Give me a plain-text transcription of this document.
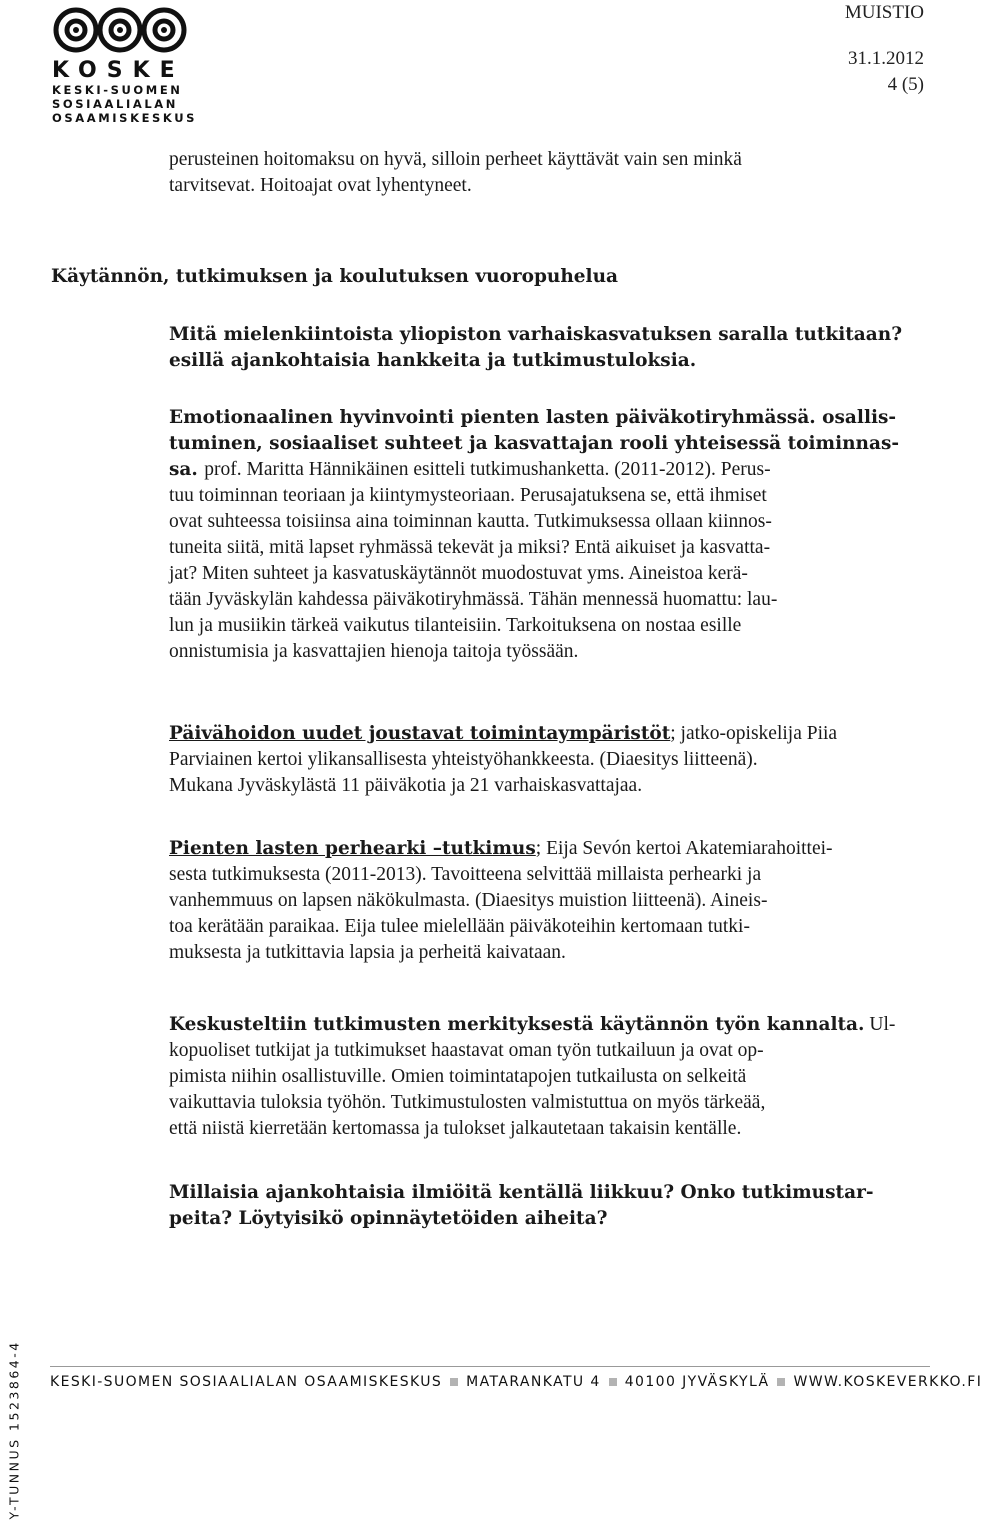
KOSKE
KESKI-SUOMEN
SOSIAALIALAN
OSAAMISKESKUS
MUISTIO
31.1.2012
4 (5)

perusteinen hoitomaksu on hyvä, silloin perheet käyttävät vain sen minkä

tarvitsevat. Hoitoajat ovat lyhentyneet.

Käytännön, tutkimuksen ja koulutuksen vuoropuhelua

Mitä mielenkiintoista yliopiston varhaiskasvatuksen saralla tutkitaan?

esillä ajankohtaisia hankkeita ja tutkimustuloksia.

Emotionaalinen hyvinvointi pienten lasten päiväkotiryhmässä. osallis-

tuminen, sosiaaliset suhteet ja kasvattajan rooli yhteisessä toiminnas-

sa. prof. Maritta Hännikäinen esitteli tutkimushanketta. (2011-2012). Perus-

tuu toiminnan teoriaan ja kiintymysteoriaan. Perusajatuksena se, että ihmiset

ovat suhteessa toisiinsa aina toiminnan kautta. Tutkimuksessa ollaan kiinnos-

tuneita siitä, mitä lapset ryhmässä tekevät ja miksi? Entä aikuiset ja kasvatta-

jat? Miten suhteet ja kasvatuskäytännöt muodostuvat yms. Aineistoa kerä-

tään Jyväskylän kahdessa päiväkotiryhmässä. Tähän mennessä huomattu: lau-

lun ja musiikin tärkeä vaikutus tilanteisiin. Tarkoituksena on nostaa esille

onnistumisia ja kasvattajien hienoja taitoja työssään.

Päivähoidon uudet joustavat toimintaympäristöt; jatko-opiskelija Piia

Parviainen kertoi ylikansallisesta yhteistyöhankkeesta. (Diaesitys liitteenä).

Mukana Jyväskylästä 11 päiväkotia ja 21 varhaiskasvattajaa.

Pienten lasten perhearki –tutkimus; Eija Sevón kertoi Akatemiarahoittei-

sesta tutkimuksesta (2011-2013). Tavoitteena selvittää millaista perhearki ja

vanhemmuus on lapsen näkökulmasta. (Diaesitys muistion liitteenä). Aineis-

toa kerätään paraikaa. Eija tulee mielellään päiväkoteihin kertomaan tutki-

muksesta ja tutkittavia lapsia ja perheitä kaivataan.

Keskusteltiin tutkimusten merkityksestä käytännön työn kannalta. Ul-

kopuoliset tutkijat ja tutkimukset haastavat oman työn tutkailuun ja ovat op-

pimista niihin osallistuville. Omien toimintatapojen tutkailusta on selkeitä

vaikuttavia tuloksia työhön. Tutkimustulosten valmistuttua on myös tärkeää,

että niistä kierretään kertomassa ja tulokset jalkautetaan takaisin kentälle.

Millaisia ajankohtaisia ilmiöitä kentällä liikkuu? Onko tutkimustar-

peita? Löytyisikö opinnäytetöiden aiheita?

Y-TUNNUS 1523864-4 KESKI-SUOMEN SOSIAALIALAN OSAAMISKESKUS MATARANKATU 4 40100 JYVÄSKYLÄ WWW.KOSKEVERKKO.FI
